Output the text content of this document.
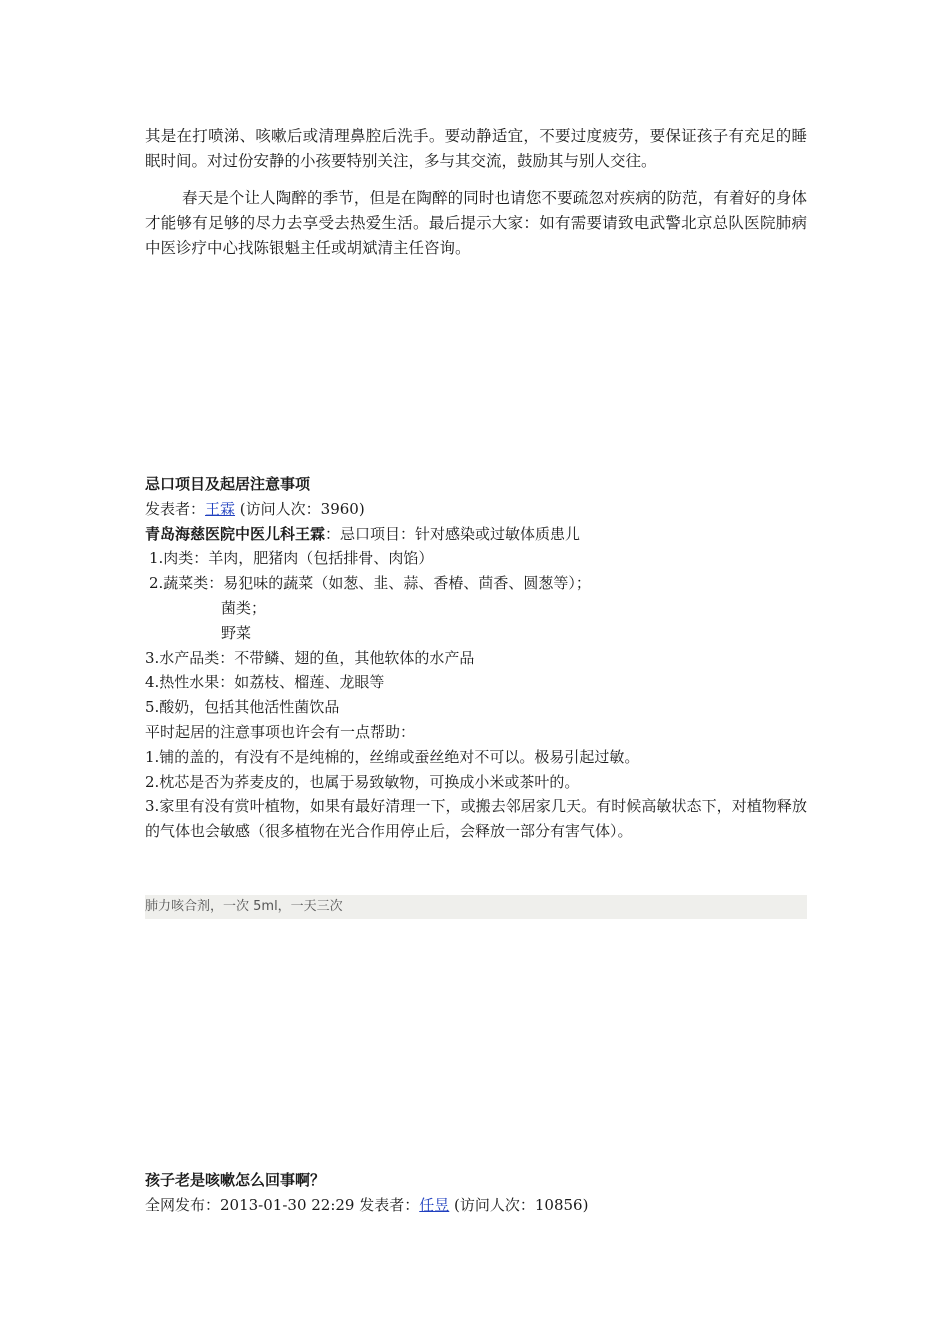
其是在打喷涕、咳嗽后或清理鼻腔后洗手。要动静适宜，不要过度疲劳，要保证孩子有充足的睡眠时间。对过份安静的小孩要特别关注，多与其交流，鼓励其与别人交往。

春天是个让人陶醉的季节，但是在陶醉的同时也请您不要疏忽对疾病的防范，有着好的身体才能够有足够的尽力去享受去热爱生活。最后提示大家：如有需要请致电武警北京总队医院肺病中医诊疗中心找陈银魁主任或胡斌清主任咨询。

忌口项目及起居注意事项
发表者：王霖 (访问人次：3960)
青岛海慈医院中医儿科王霖：忌口项目：针对感染或过敏体质患儿
1.肉类：羊肉，肥猪肉（包括排骨、肉馅）
2.蔬菜类：易犯味的蔬菜（如葱、韭、蒜、香椿、茴香、圆葱等）；
菌类；
野菜
3.水产品类：不带鳞、翅的鱼，其他软体的水产品
4.热性水果：如荔枝、榴莲、龙眼等
5.酸奶，包括其他活性菌饮品
平时起居的注意事项也许会有一点帮助：
1.铺的盖的，有没有不是纯棉的，丝绵或蚕丝绝对不可以。极易引起过敏。
2.枕芯是否为荞麦皮的，也属于易致敏物，可换成小米或茶叶的。
3.家里有没有赏叶植物，如果有最好清理一下，或搬去邻居家几天。有时候高敏状态下，对植物释放的气体也会敏感（很多植物在光合作用停止后，会释放一部分有害气体）。
肺力咳合剂，一次 5ml，一天三次
孩子老是咳嗽怎么回事啊？
全网发布：2013-01-30 22:29 发表者：任昱 (访问人次：10856)
